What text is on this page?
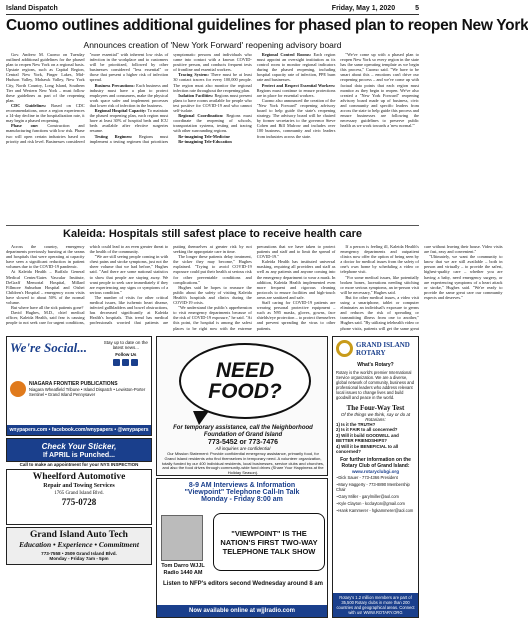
Island Dispatch	Friday, May 1, 2020	5
Cuomo outlines additional guidelines for phased plan to reopen New York
Announces creation of 'New York Forward' reopening advisory board

Gov. Andrew M. Cuomo on Tuesday outlined additional guidelines for the phased plan to reopen New York on a regional basis. Upstate regions, such as Capital Region, Central New York, Finger Lakes, Mid-Hudson Valley, Mohawk Valley, New York City, North Country, Long Island, Southern Tier and Western New York – must follow these guidelines as part of the reopening plan.

CDC Guidelines: Based on CDC recommendations, once a region experiences a 14-day decline in the hospitalization rate, it may begin a phased reopening.

Phase one: Construction and manufacturing functions with low risk. Phase two will open certain industries based on priority and risk level. Businesses considered "more essential" with inherent low risks of infection in the workplace and to customers will be prioritized, followed by other businesses considered "less essential" or those that present a higher risk of infection spread.

Business Precautions: Each business and industry must have a plan to protect employees and consumers, make the physical work space safer and implement processes that lower risk of infection in the business.

Regional Hospital Capacity: To maintain the phased reopening plan, each region must have at least 30% of hospital beds and ICU beds available after elective surgeries resume.

Testing Regimen: Regions must implement a testing regimen that prioritizes symptomatic persons and individuals who came into contact with a known COVID-positive person, and conducts frequent tests of frontline and essential workers.

Tracing System: There must be at least 30 contact tracers for every 100,000 people. The region must also monitor the regional infection rate throughout the reopening plan.

Isolation Facilities: Regions must present plans to have rooms available for people who test positive for COVID-19 and who cannot self-isolate.

Regional Coordination: Regions must coordinate the reopening of schools, transportation systems, testing and tracing with other surrounding regions.

Re-imagining Tele-Medicine

Re-imagining Tele-Education

Regional Control Rooms: Each region must appoint an oversight institution as its control room to monitor regional indicators during the phased reopening, including hospital capacity rate of infection, PPE burn rate and businesses.

Protect and Respect Essential Workers: Regions must continue to ensure protections are in place for essential workers.

Cuomo also announced the creation of the "New York Forward" reopening advisory board to help guide the state's reopening strategy. The advisory board will be chaired by former secretaries to the governor Steve Cohen and Bill Mulrow and includes over 100 business, community and civic leaders from industries across the state.

"We've come up with a phased plan to reopen New York so every region in the state has the same operating template as we begin this process," Cuomo said. "We have to be smart about this – emotions can't drive our reopening process – and we've come up with factual data points that each region must monitor as they begin to reopen. We've also created a "New York Forward" reopening advisory board made up of business, civic and community and specific leaders from across the state to help guide this process and ensure businesses are following the necessary guidelines to preserve public health as we work towards a 'new normal.'"

Kaleida: Hospitals still safest place to receive health care

Across the country, emergency departments previously bursting at the seams and hospitals that were operating at capacity have seen a significant reduction in patient volumes due to the COVID-19 pandemic.

At Kaleida Health – Buffalo General Medical Center/Gates Vascular Institute, DeGraff Memorial Hospital, Millard Fillmore Suburban Hospital and Oishei Children's Hospital – emergency room visits have slowed to about 50% of the normal volume.

But where have all the sick patients gone?

David Hughes, M.D., chief medical officer, Kaleida Health, said fear is causing people to not seek care for urgent conditions, which could lead to an even greater threat to the health of the community.

"We are still seeing people coming in with chest pains and stroke symptoms, just not the sheer volume that we had before," Hughes said. "And there are some national statistics to show that people are staying away. We want people to seek care immediately if they are experiencing any signs or symptoms of a serious condition."

The number of visits for other critical medical issues, like ischemic heart disease, infected gallbladders and bowel obstructions, has decreased significantly at Kaleida Health's hospitals. This trend has medical professionals worried that patients are putting themselves at greater risk by not seeking the appropriate care in time.

The longer these patients delay treatment, the sicker they may become," Hughes explained. "Trying to avoid COVID-19 exposure could put their health at serious risk for other preventable conditions and complications."

Hughes said he hopes to reassure the public about the safety of visiting Kaleida Health's hospitals and clinics during the COVID-19 crisis.

"We understand the public's apprehension to visit emergency departments because of the risk of COVID-19 exposure," he said. "At this point, the hospital is among the safest places to be right now with the extreme precautions that we have taken to protect patients and staff and to limit the spread of COVID-19."

Kaleida Health has instituted universal masking, requiring all providers and staff as well as any patients and anyone coming into the emergency department to wear a mask. In addition, Kaleida Health implemented even more frequent and rigorous cleaning protocols to ensure facilities and high-touch areas are sanitized and safe.

Staff caring for COVID-19 patients are wearing personal protective equipment – such as N95 masks, gloves, gowns, face shields/eye protection – to protect themselves and prevent spreading the virus to other patients.

If a person is feeling ill, Kaleida Health's emergency departments and outpatient clinics now offer the option of being seen by a doctor for medical issues from the safety of one's own home by scheduling a video or telephone visit.

"For some medical issues, like potentially broken bones, lacerations needing stitching or more serious symptoms, an in-person visit will be necessary," Hughes said.

But for other medical issues, a video visit using a smartphone, tablet or computer eliminates an individual's exposure to germs and reduces the risk of spreading or transmitting illness from one to another," Hughes said. "By utilizing telehealth video or phone visits, patients will get the same great care without leaving their house. Video visits are fast, easy and convenient."

"Ultimately, we want the community to know that we are still available – both in person and virtually – to provide the safest, highest-quality care – whether you are having a baby, need emergency surgery, or are experiencing symptoms of a heart attack or stroke," Hughes said. "We're ready to provide the same great care our community expects and deserves."

We're Social...	Stay up to date on the latest news...
Follow Us
NIAGARA FRONTIER PUBLICATIONS
Niagara Wheatfield Tribune • Island Dispatch • Lewiston-Porter Sentinel • Grand Island Pennysaver
wnypapers.com • facebook.com/wnypapers • @wnypapers
Check Your Sticker,
If APRIL is Punched...
Call to make an appointment for your NYS INSPECTION
Wheelford Automotive
Repair and Towing Services
1765 Grand Island Blvd.
775-0728
Grand Island Auto Tech
Education • Experience • Commitment
773-7558 • 2509 Grand Island Blvd.
Monday - Friday 7am - 5pm
NEED FOOD?
For temporary assistance, call the Neighborhood Foundation of Grand Island
773-5452 or 773-7476
All inquiries are confidential
Our Mission Statement: Provide confidential emergency assistance, primarily food, for Grand Island residents who find themselves in temporary need. A volunteer organization, totally funded by our 400 individual residents, local businesses, service clubs and churches, and also the food drives through community-wide fund drives (Share Your Happiness at the Holiday Season).
8-9 AM Interviews & Information
"Viewpoint" Telephone Call-In Talk
Monday - Friday 8:00 am
Tom Darro WJJL Radio 1440 AM
"VIEWPOINT" IS THE NATION'S FIRST TWO-WAY TELEPHONE TALK SHOW
Listen to NFP's editors second Wednesday around 8 am
Now available online at wjjlradio.com
GRAND ISLAND ROTARY
What's Rotary?
Rotary is the world's premier International Service organization. We are a diverse, global network of community, business and professional leaders who address relevant local issues to change lives and build goodwill and peace in the world.
The Four-Way Test
Of the things we think, say or do at Rotarians:
1) Is it the TRUTH?
2) Is it FAIR to all concerned?
3) Will it build GOODWILL and BETTER FRIENDSHIPS?
4) Will it be BENEFICIAL to all concerned?
For further information on the Rotary Club of Grand Island:
www.rotaryclubgi.org
~Dick Sauer - 773-4366 President
~Mary Haggerty - 773-8890 Membership Chair
~Gary Miller - garylmiller@aol.com
~Kyle Clayton - kcclayton@gmail.com
~Hank Kammerer - hgkammerer@aol.com
Rotary's 1.2 million members are part of 35,500 Rotary clubs in more than 200 countries and geographical areas. Connect with us! WWW.ROTARY.ORG
